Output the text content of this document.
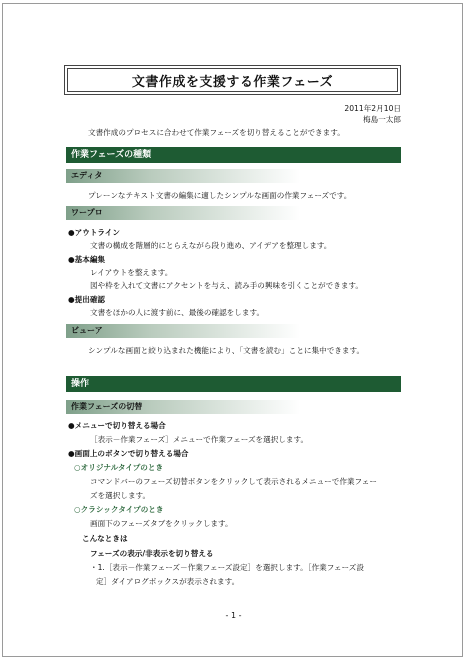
文書作成を支援する作業フェーズ
2011年2月10日
梅島一太郎
文書作成のプロセスに合わせて作業フェーズを切り替えることができます。
作業フェーズの種類
エディタ
プレーンなテキスト文書の編集に適したシンプルな画面の作業フェーズです。
ワープロ
●アウトライン
文書の構成を階層的にとらえながら段り進め、アイデアを整理します。
●基本編集
レイアウトを整えます。
図や枠を入れて文書にアクセントを与え、読み手の興味を引くことができます。
●提出確認
文書をほかの人に渡す前に、最後の確認をします。
ビューア
シンプルな画面と絞り込まれた機能により、「文書を読む」ことに集中できます。
操作
作業フェーズの切替
●メニューで切り替える場合
［表示－作業フェーズ］メニューで作業フェーズを選択します。
●画面上のボタンで切り替える場合
○オリジナルタイプのとき
コマンドバーのフェーズ切替ボタンをクリックして表示されるメニューで作業フェー
ズを選択します。
○クラシックタイプのとき
画面下のフェーズタブをクリックします。
こんなときは
フェーズの表示/非表示を切り替える
・1.［表示－作業フェーズ－作業フェーズ設定］を選択します。［作業フェーズ設
定］ダイアログボックスが表示されます。
- 1 -
